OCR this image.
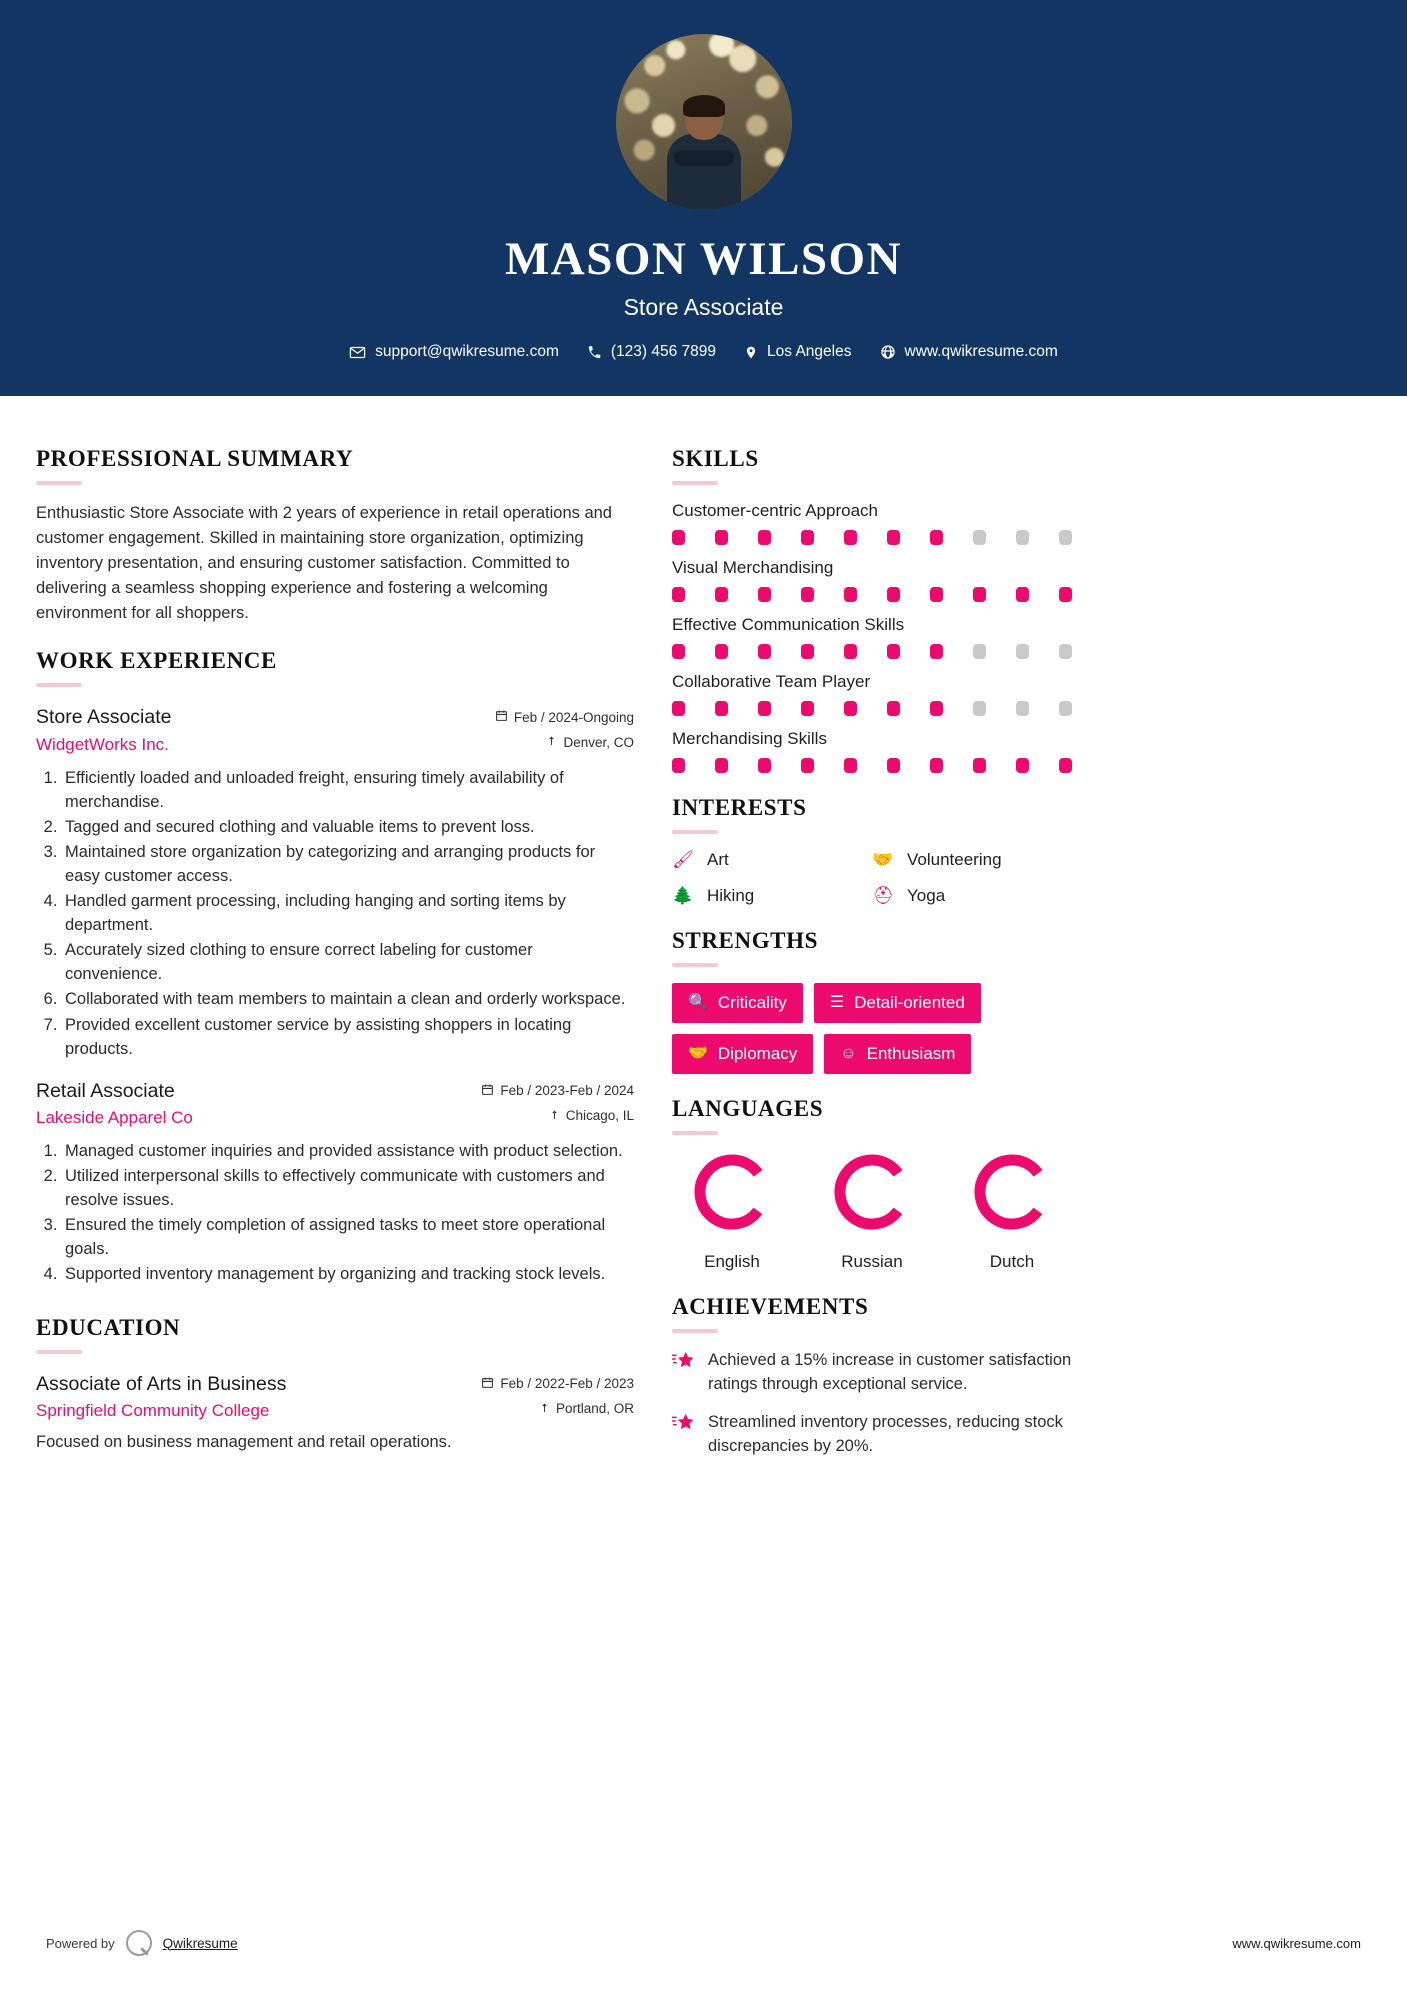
MASON WILSON
Store Associate
support@qwikresume.com	(123) 456 7899	Los Angeles	www.qwikresume.com
PROFESSIONAL SUMMARY
Enthusiastic Store Associate with 2 years of experience in retail operations and customer engagement. Skilled in maintaining store organization, optimizing inventory presentation, and ensuring customer satisfaction. Committed to delivering a seamless shopping experience and fostering a welcoming environment for all shoppers.
WORK EXPERIENCE
Store Associate
WidgetWorks Inc.
Feb / 2024-Ongoing
Denver, CO
1. Efficiently loaded and unloaded freight, ensuring timely availability of merchandise.
2. Tagged and secured clothing and valuable items to prevent loss.
3. Maintained store organization by categorizing and arranging products for easy customer access.
4. Handled garment processing, including hanging and sorting items by department.
5. Accurately sized clothing to ensure correct labeling for customer convenience.
6. Collaborated with team members to maintain a clean and orderly workspace.
7. Provided excellent customer service by assisting shoppers in locating products.
Retail Associate
Lakeside Apparel Co
Feb / 2023-Feb / 2024
Chicago, IL
1. Managed customer inquiries and provided assistance with product selection.
2. Utilized interpersonal skills to effectively communicate with customers and resolve issues.
3. Ensured the timely completion of assigned tasks to meet store operational goals.
4. Supported inventory management by organizing and tracking stock levels.
EDUCATION
Associate of Arts in Business
Springfield Community College
Feb / 2022-Feb / 2023
Portland, OR
Focused on business management and retail operations.
SKILLS
Customer-centric Approach
Visual Merchandising
Effective Communication Skills
Collaborative Team Player
Merchandising Skills
INTERESTS
🖌 Art	🤝 Volunteering
🌲 Hiking	⛑ Yoga
STRENGTHS
🔍 Criticality	☰ Detail-oriented
🤝 Diplomacy	☺ Enthusiasm
LANGUAGES
English	Russian	Dutch
ACHIEVEMENTS
Achieved a 15% increase in customer satisfaction ratings through exceptional service.
Streamlined inventory processes, reducing stock discrepancies by 20%.
Powered by	Qwikresume	www.qwikresume.com
